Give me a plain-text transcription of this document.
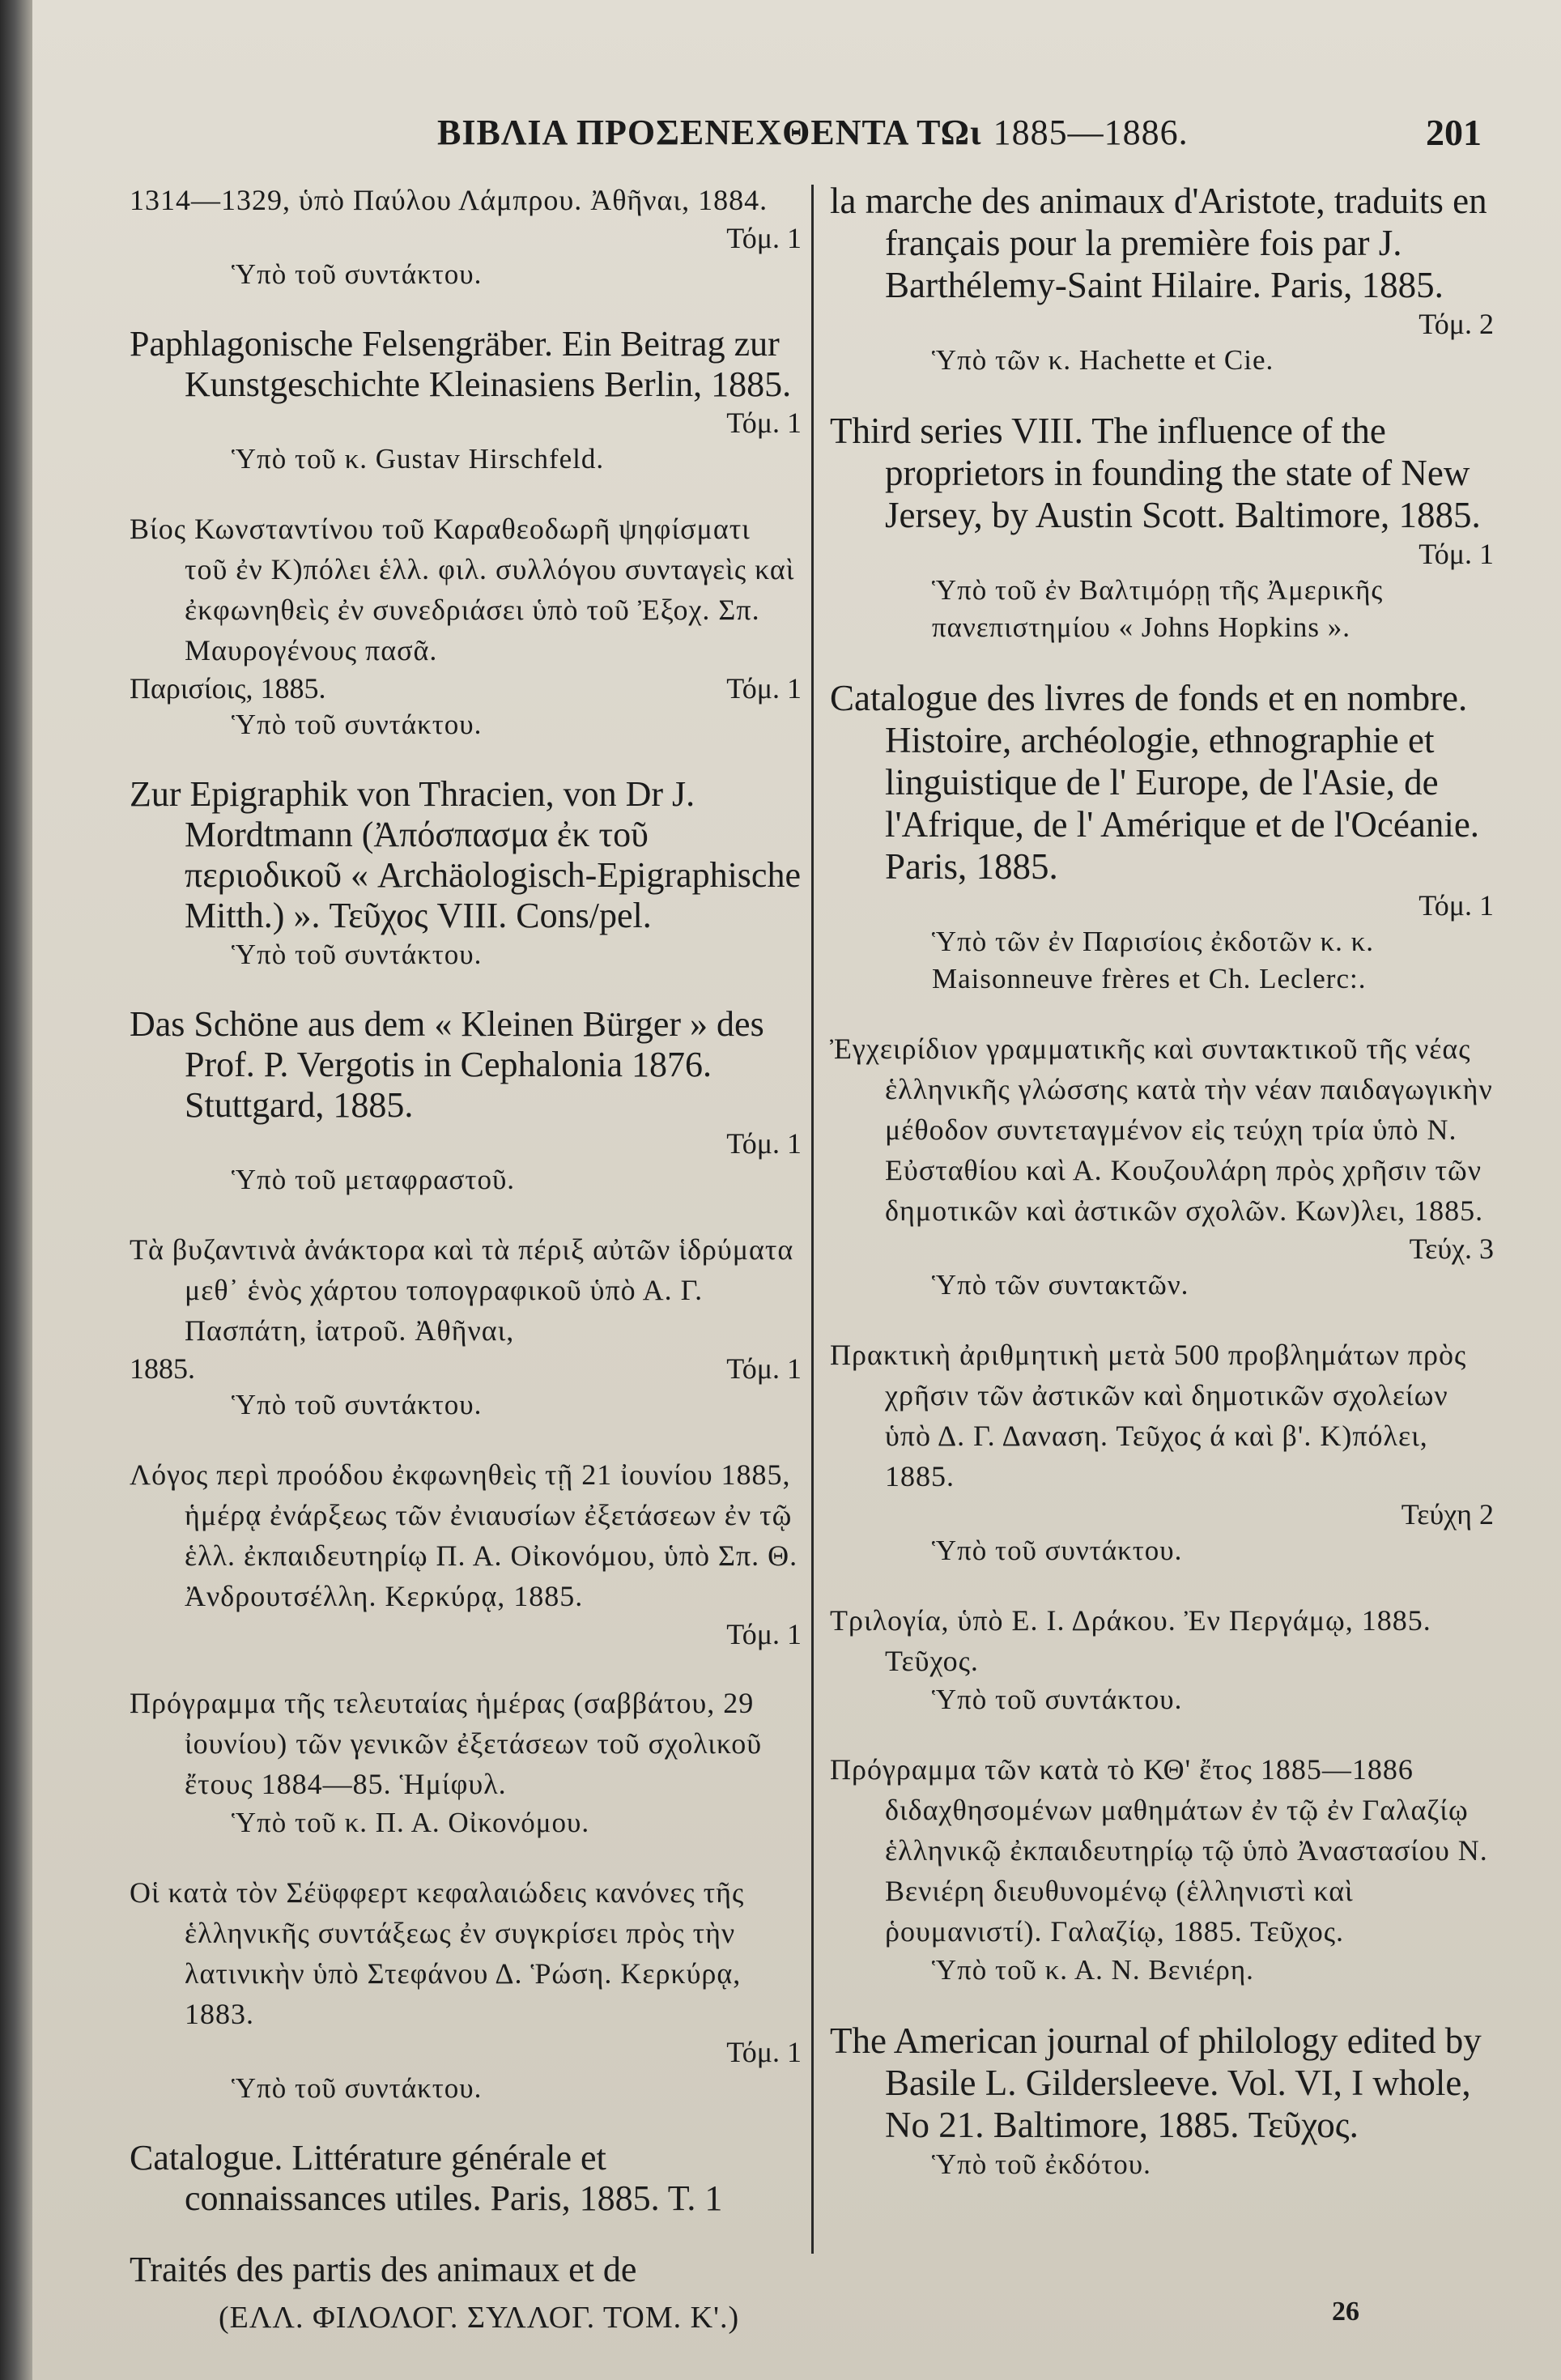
ΒΙΒΛΙΑ ΠΡΟΣΕΝΕΧΘΕΝΤΑ ΤΩι 1885—1886.	201
1314—1329, ὑπὸ Παύλου Λάμπρου. Ἀθῆναι, 1884.
Τόμ. 1
Ὑπὸ τοῦ συντάκτου.
Paphlagonische Felsengräber. Ein Beitrag zur Kunstgeschichte Kleinasiens Berlin, 1885.
Τόμ. 1
Ὑπὸ τοῦ κ. Gustav Hirschfeld.
Βίος Κωνσταντίνου τοῦ Καραθεοδωρῆ ψηφίσματι τοῦ ἐν Κ)πόλει ἑλλ. φιλ. συλλόγου συνταγεὶς καὶ ἐκφωνηθεὶς ἐν συνεδριάσει ὑπὸ τοῦ Ἐξοχ. Σπ. Μαυρογένους πασᾶ.
Παρισίοις, 1885.	Τόμ. 1
Ὑπὸ τοῦ συντάκτου.
Zur Epigraphik von Thracien, von Dr J. Mordtmann (Ἀπόσπασμα ἐκ τοῦ περιοδικοῦ « Archäologisch-Epigraphische Mitth.) ». Τεῦχος VIII. Cons/pel.
Ὑπὸ τοῦ συντάκτου.
Das Schöne aus dem « Kleinen Bürger » des Prof. P. Vergotis in Cephalonia 1876. Stuttgard, 1885.
Τόμ. 1
Ὑπὸ τοῦ μεταφραστοῦ.
Τὰ βυζαντινὰ ἀνάκτορα καὶ τὰ πέριξ αὐτῶν ἱδρύματα μεθ᾽ ἑνὸς χάρτου τοπογραφικοῦ ὑπὸ Α. Γ. Πασπάτη, ἰατροῦ. Ἀθῆναι,
1885.	Τόμ. 1
Ὑπὸ τοῦ συντάκτου.
Λόγος περὶ προόδου ἐκφωνηθεὶς τῇ 21 ἰουνίου 1885, ἡμέρᾳ ἐνάρξεως τῶν ἐνιαυσίων ἐξετάσεων ἐν τῷ ἑλλ. ἐκπαιδευτηρίῳ Π. Α. Οἰκονόμου, ὑπὸ Σπ. Θ. Ἀνδρουτσέλλη. Κερκύρᾳ, 1885.
Τόμ. 1
Πρόγραμμα τῆς τελευταίας ἡμέρας (σαββάτου, 29 ἰουνίου) τῶν γενικῶν ἐξετάσεων τοῦ σχολικοῦ ἔτους 1884—85. Ἡμίφυλ.
Ὑπὸ τοῦ κ. Π. Α. Οἰκονόμου.
Οἱ κατὰ τὸν Σέϋφφερτ κεφαλαιώδεις κανόνες τῆς ἑλληνικῆς συντάξεως ἐν συγκρίσει πρὸς τὴν λατινικὴν ὑπὸ Στεφάνου Δ. Ῥώση. Κερκύρᾳ, 1883.
Τόμ. 1
Ὑπὸ τοῦ συντάκτου.
Catalogue. Littérature générale et connaissances utiles. Paris, 1885. T. 1
Traités des partis des animaux et de
la marche des animaux d'Aristote, traduits en français pour la première fois par J. Barthélemy-Saint Hilaire. Paris, 1885.
Τόμ. 2
Ὑπὸ τῶν κ. Hachette et Cie.
Third series VIII. The influence of the proprietors in founding the state of New Jersey, by Austin Scott. Baltimore, 1885.
Τόμ. 1
Ὑπὸ τοῦ ἐν Βαλτιμόρῃ τῆς Ἀμερικῆς πανεπιστημίου « Johns Hopkins ».
Catalogue des livres de fonds et en nombre. Histoire, archéologie, ethnographie et linguistique de l' Europe, de l'Asie, de l'Afrique, de l' Amérique et de l'Océanie. Paris, 1885.
Τόμ. 1
Ὑπὸ τῶν ἐν Παρισίοις ἐκδοτῶν κ. κ. Maisonneuve frères et Ch. Leclerc:.
Ἐγχειρίδιον γραμματικῆς καὶ συντακτικοῦ τῆς νέας ἑλληνικῆς γλώσσης κατὰ τὴν νέαν παιδαγωγικὴν μέθοδον συντεταγμένον εἰς τεύχη τρία ὑπὸ Ν. Εὐσταθίου καὶ Α. Κουζουλάρη πρὸς χρῆσιν τῶν δημοτικῶν καὶ ἀστικῶν σχολῶν. Κων)λει, 1885.
Τεύχ. 3
Ὑπὸ τῶν συντακτῶν.
Πρακτικὴ ἀριθμητικὴ μετὰ 500 προβλημάτων πρὸς χρῆσιν τῶν ἀστικῶν καὶ δημοτικῶν σχολείων ὑπὸ Δ. Γ. Δαναση. Τεῦχος ά καὶ β'. Κ)πόλει, 1885.
Τεύχη 2
Ὑπὸ τοῦ συντάκτου.
Τριλογία, ὑπὸ Ε. Ι. Δράκου. Ἐν Περγάμῳ, 1885. Τεῦχος.
Ὑπὸ τοῦ συντάκτου.
Πρόγραμμα τῶν κατὰ τὸ ΚΘ' ἔτος 1885—1886 διδαχθησομένων μαθημάτων ἐν τῷ ἐν Γαλαζίῳ ἑλληνικῷ ἐκπαιδευτηρίῳ τῷ ὑπὸ Ἀναστασίου Ν. Βενιέρη διευθυνομένῳ (ἑλληνιστὶ καὶ ῥουμανιστί). Γαλαζίῳ, 1885. Τεῦχος.
Ὑπὸ τοῦ κ. Α. Ν. Βενιέρη.
The American journal of philology edited by Basile L. Gildersleeve. Vol. VI, I whole, No 21. Baltimore, 1885. Τεῦχος.
Ὑπὸ τοῦ ἐκδότου.
(ΕΛΛ. ΦΙΛΟΛΟΓ. ΣΥΛΛΟΓ. ΤΟΜ. Κ'.)	26
